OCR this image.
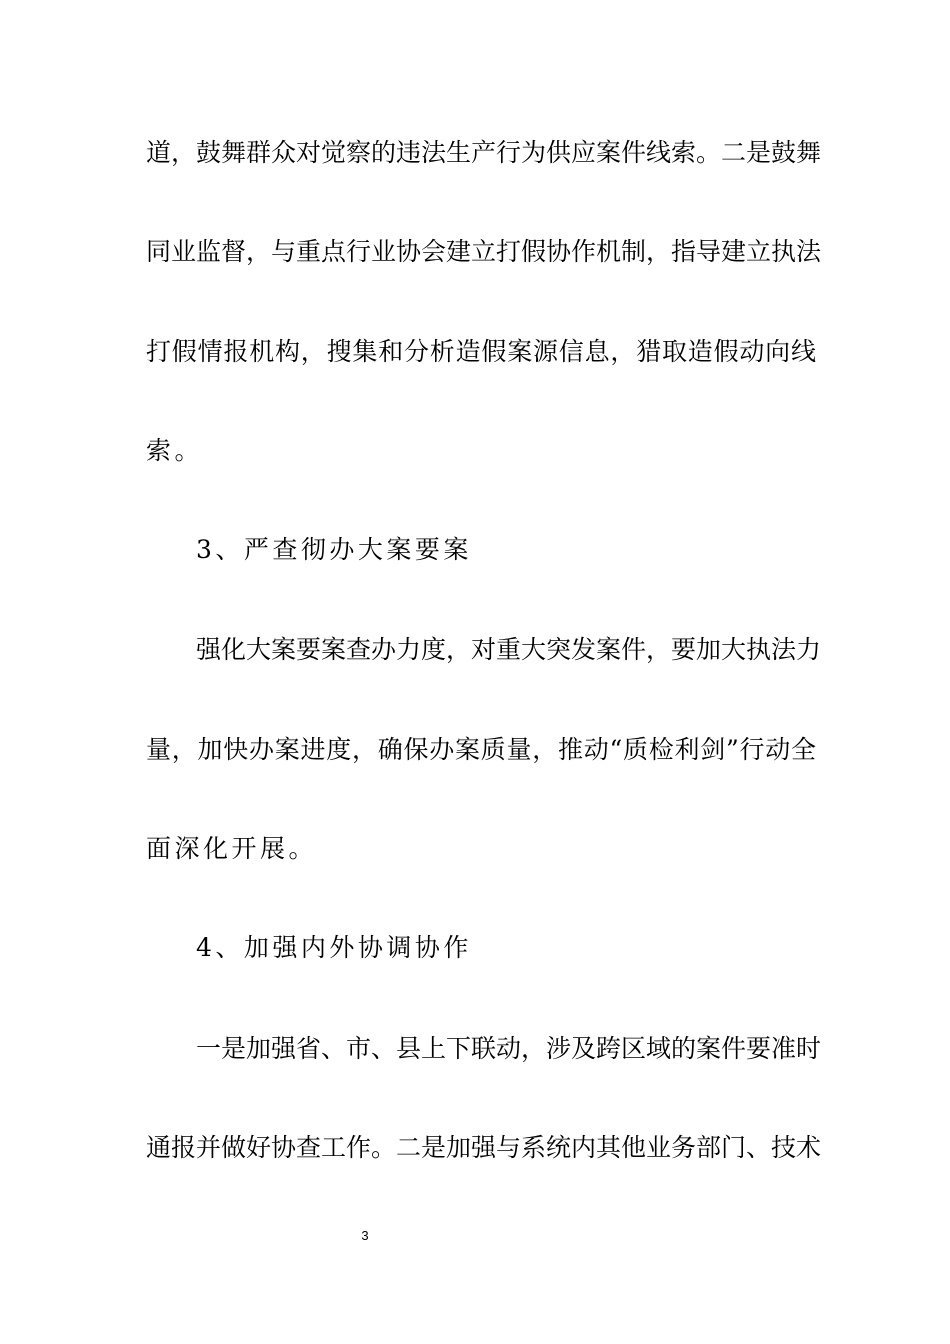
道，鼓舞群众对觉察的违法生产行为供应案件线索。二是鼓舞
同业监督，与重点行业协会建立打假协作机制，指导建立执法
打假情报机构，搜集和分析造假案源信息，猎取造假动向线
索。
3、严查彻办大案要案
强化大案要案查办力度，对重大突发案件，要加大执法力
量，加快办案进度，确保办案质量，推动“质检利剑”行动全
面深化开展。
4、加强内外协调协作
一是加强省、市、县上下联动，涉及跨区域的案件要准时
通报并做好协查工作。二是加强与系统内其他业务部门、技术
3
